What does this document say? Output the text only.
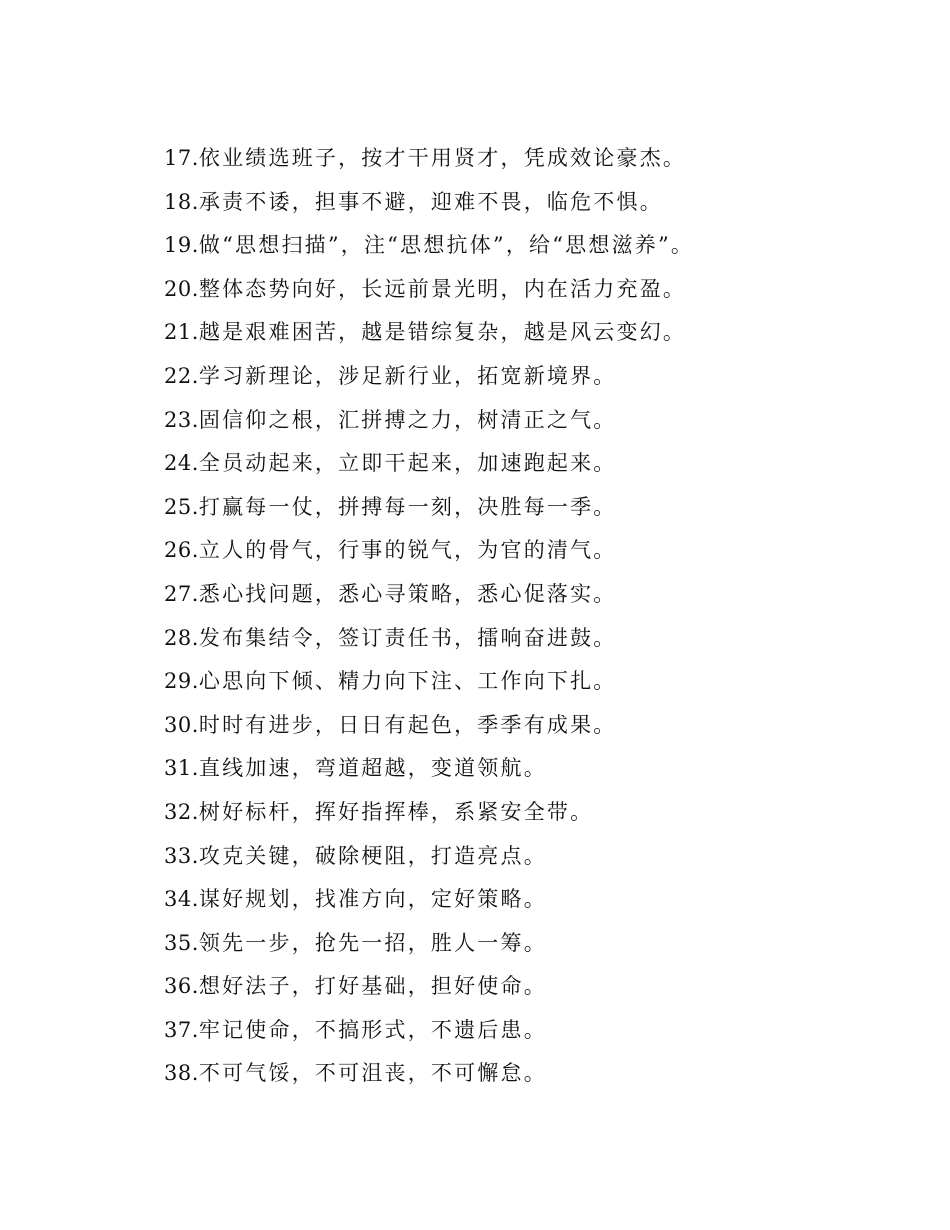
17.依业绩选班子，按才干用贤才，凭成效论豪杰。
18.承责不诿，担事不避，迎难不畏，临危不惧。
19.做“思想扫描”，注“思想抗体”，给“思想滋养”。
20.整体态势向好，长远前景光明，内在活力充盈。
21.越是艰难困苦，越是错综复杂，越是风云变幻。
22.学习新理论，涉足新行业，拓宽新境界。
23.固信仰之根，汇拼搏之力，树清正之气。
24.全员动起来，立即干起来，加速跑起来。
25.打赢每一仗，拼搏每一刻，决胜每一季。
26.立人的骨气，行事的锐气，为官的清气。
27.悉心找问题，悉心寻策略，悉心促落实。
28.发布集结令，签订责任书，擂响奋进鼓。
29.心思向下倾、精力向下注、工作向下扎。
30.时时有进步，日日有起色，季季有成果。
31.直线加速，弯道超越，变道领航。
32.树好标杆，挥好指挥棒，系紧安全带。
33.攻克关键，破除梗阻，打造亮点。
34.谋好规划，找准方向，定好策略。
35.领先一步，抢先一招，胜人一筹。
36.想好法子，打好基础，担好使命。
37.牢记使命，不搞形式，不遗后患。
38.不可气馁，不可沮丧，不可懈怠。
